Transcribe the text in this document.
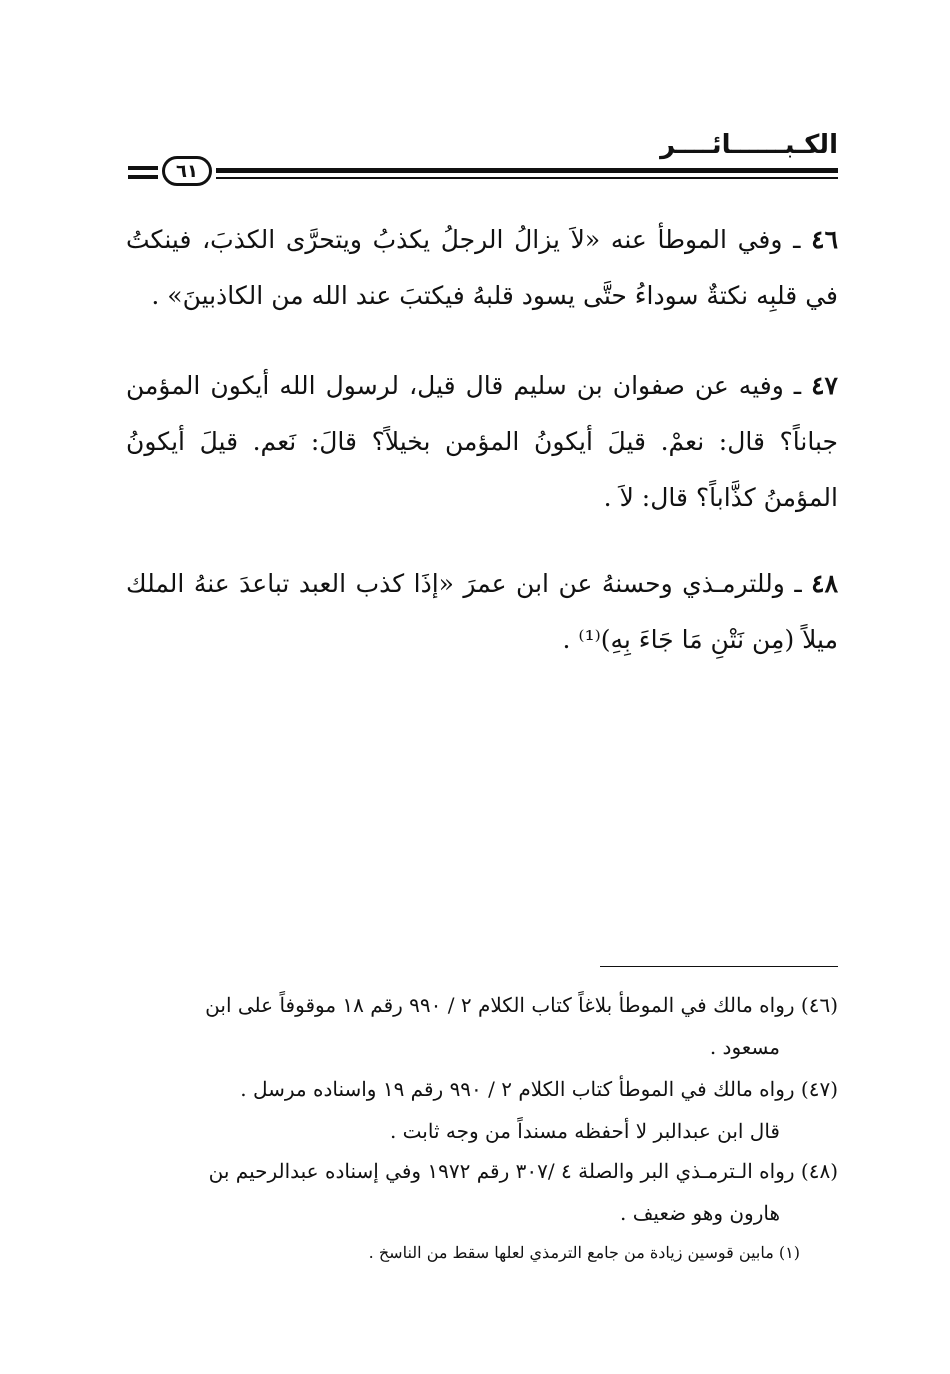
الكـبــــــائــــر
٦١
٤٦ ـ وفي الموطأ عنه «لاَ يزالُ الرجلُ يكذبُ ويتحرَّى الكذبَ، فينكتُ في قلبِه نكتةٌ سوداءُ حتَّى يسود قلبهُ فيكتبَ عند الله من الكاذبينَ» .
٤٧ ـ وفيه عن صفوان بن سليم قال قيل، لرسول الله أيكون المؤمن جباناً؟ قال: نعمْ. قيلَ أيكونُ المؤمن بخيلاً؟ قالَ: نَعم. قيلَ أيكونُ المؤمنُ كذَّاباً؟ قال: لاَ .
٤٨ ـ وللترمـذي وحسنهُ عن ابن عمرَ «إذَا كذب العبد تباعدَ عنهُ الملك ميلاً (مِن نَتْنِ مَا جَاءَ بِهِ)⁽¹⁾ .
(٤٦) رواه مالك في الموطأ بلاغاً كتاب الكلام ٢ / ٩٩٠ رقم ١٨ موقوفاً على ابن
مسعود .
(٤٧) رواه مالك في الموطأ كتاب الكلام ٢ / ٩٩٠ رقم ١٩ واسناده مرسل .
قال ابن عبدالبر لا أحفظه مسنداً من وجه ثابت .
(٤٨) رواه الـترمـذي البر والصلة ٤ /٣٠٧ رقم ١٩٧٢ وفي إسناده عبدالرحيم بن
هارون وهو ضعيف .
(١) مابين قوسين زيادة من جامع الترمذي لعلها سقط من الناسخ .
